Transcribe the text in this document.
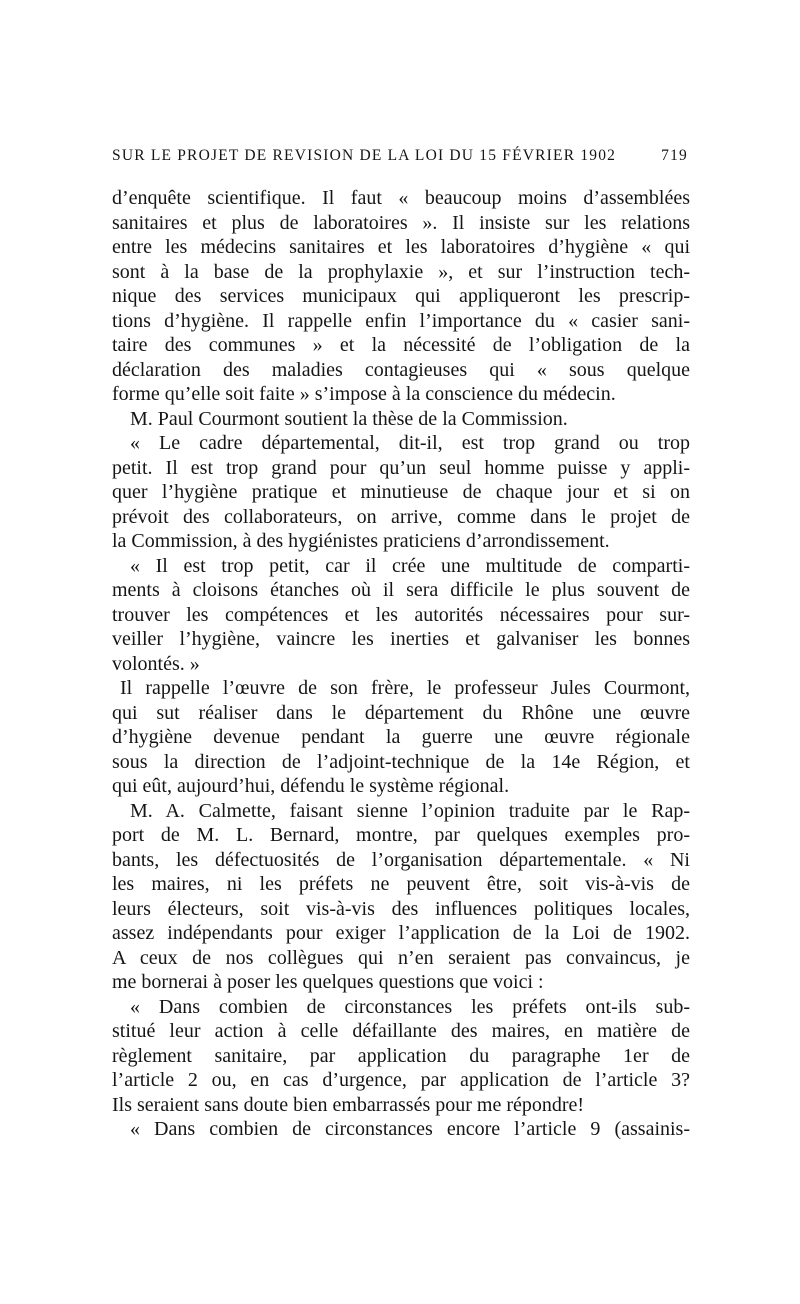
SUR LE PROJET DE REVISION DE LA LOI DU 15 FÉVRIER 1902	719
d’enquête scientifique. Il faut « beaucoup moins d’assemblées
sanitaires et plus de laboratoires ». Il insiste sur les relations
entre les médecins sanitaires et les laboratoires d’hygiène « qui
sont à la base de la prophylaxie », et sur l’instruction tech-
nique des services municipaux qui appliqueront les prescrip-
tions d’hygiène. Il rappelle enfin l’importance du « casier sani-
taire des communes » et la nécessité de l’obligation de la
déclaration des maladies contagieuses qui « sous quelque
forme qu’elle soit faite » s’impose à la conscience du médecin.
M. Paul Courmont soutient la thèse de la Commission.
« Le cadre départemental, dit-il, est trop grand ou trop
petit. Il est trop grand pour qu’un seul homme puisse y appli-
quer l’hygiène pratique et minutieuse de chaque jour et si on
prévoit des collaborateurs, on arrive, comme dans le projet de
la Commission, à des hygiénistes praticiens d’arrondissement.
« Il est trop petit, car il crée une multitude de comparti-
ments à cloisons étanches où il sera difficile le plus souvent de
trouver les compétences et les autorités nécessaires pour sur-
veiller l’hygiène, vaincre les inerties et galvaniser les bonnes
volontés. »
Il rappelle l’œuvre de son frère, le professeur Jules Courmont,
qui sut réaliser dans le département du Rhône une œuvre
d’hygiène devenue pendant la guerre une œuvre régionale
sous la direction de l’adjoint-technique de la 14e Région, et
qui eût, aujourd’hui, défendu le système régional.
M. A. Calmette, faisant sienne l’opinion traduite par le Rap-
port de M. L. Bernard, montre, par quelques exemples pro-
bants, les défectuosités de l’organisation départementale. « Ni
les maires, ni les préfets ne peuvent être, soit vis-à-vis de
leurs électeurs, soit vis-à-vis des influences politiques locales,
assez indépendants pour exiger l’application de la Loi de 1902.
A ceux de nos collègues qui n’en seraient pas convaincus, je
me bornerai à poser les quelques questions que voici :
« Dans combien de circonstances les préfets ont-ils sub-
stitué leur action à celle défaillante des maires, en matière de
règlement sanitaire, par application du paragraphe 1er de
l’article 2 ou, en cas d’urgence, par application de l’article 3?
Ils seraient sans doute bien embarrassés pour me répondre!
« Dans combien de circonstances encore l’article 9 (assainis-
